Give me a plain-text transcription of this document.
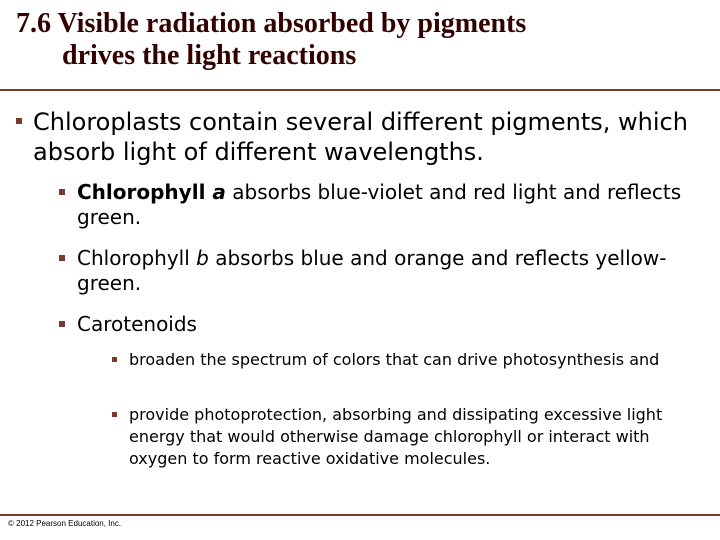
7.6 Visible radiation absorbed by pigments
drives the light reactions
Chloroplasts contain several different pigments, which absorb light of different wavelengths.
Chlorophyll a absorbs blue-violet and red light and reflects green.
Chlorophyll b absorbs blue and orange and reflects yellow-green.
Carotenoids
broaden the spectrum of colors that can drive photosynthesis and
provide photoprotection, absorbing and dissipating excessive light energy that would otherwise damage chlorophyll or interact with oxygen to form reactive oxidative molecules.
© 2012 Pearson Education, Inc.
